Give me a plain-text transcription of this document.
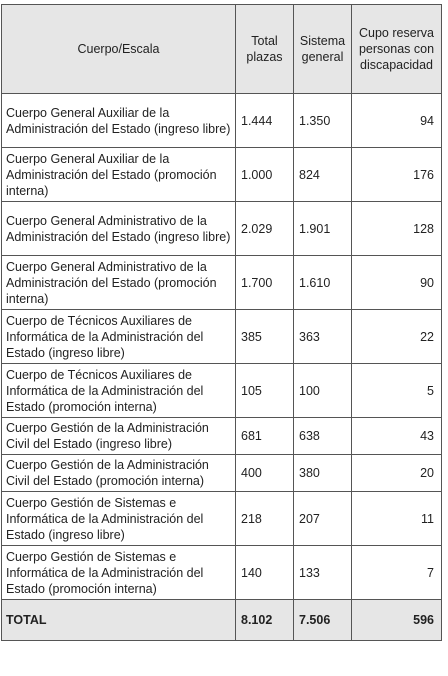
Cuerpo/Escala	Total plazas	Sistema general	Cupo reserva personas con discapacidad
Cuerpo General Auxiliar de la Administración del Estado (ingreso libre)	1.444	1.350	94
Cuerpo General Auxiliar de la Administración del Estado (promoción interna)	1.000	824	176
Cuerpo General Administrativo de la Administración del Estado (ingreso libre)	2.029	1.901	128
Cuerpo General Administrativo de la Administración del Estado (promoción interna)	1.700	1.610	90
Cuerpo de Técnicos Auxiliares de Informática de la Administración del Estado (ingreso libre)	385	363	22
Cuerpo de Técnicos Auxiliares de Informática de la Administración del Estado (promoción interna)	105	100	5
Cuerpo Gestión de la Administración Civil del Estado (ingreso libre)	681	638	43
Cuerpo Gestión de la Administración Civil del Estado (promoción interna)	400	380	20
Cuerpo Gestión de Sistemas e Informática de la Administración del Estado (ingreso libre)	218	207	11
Cuerpo Gestión de Sistemas e Informática de la Administración del Estado (promoción interna)	140	133	7
TOTAL	8.102	7.506	596
